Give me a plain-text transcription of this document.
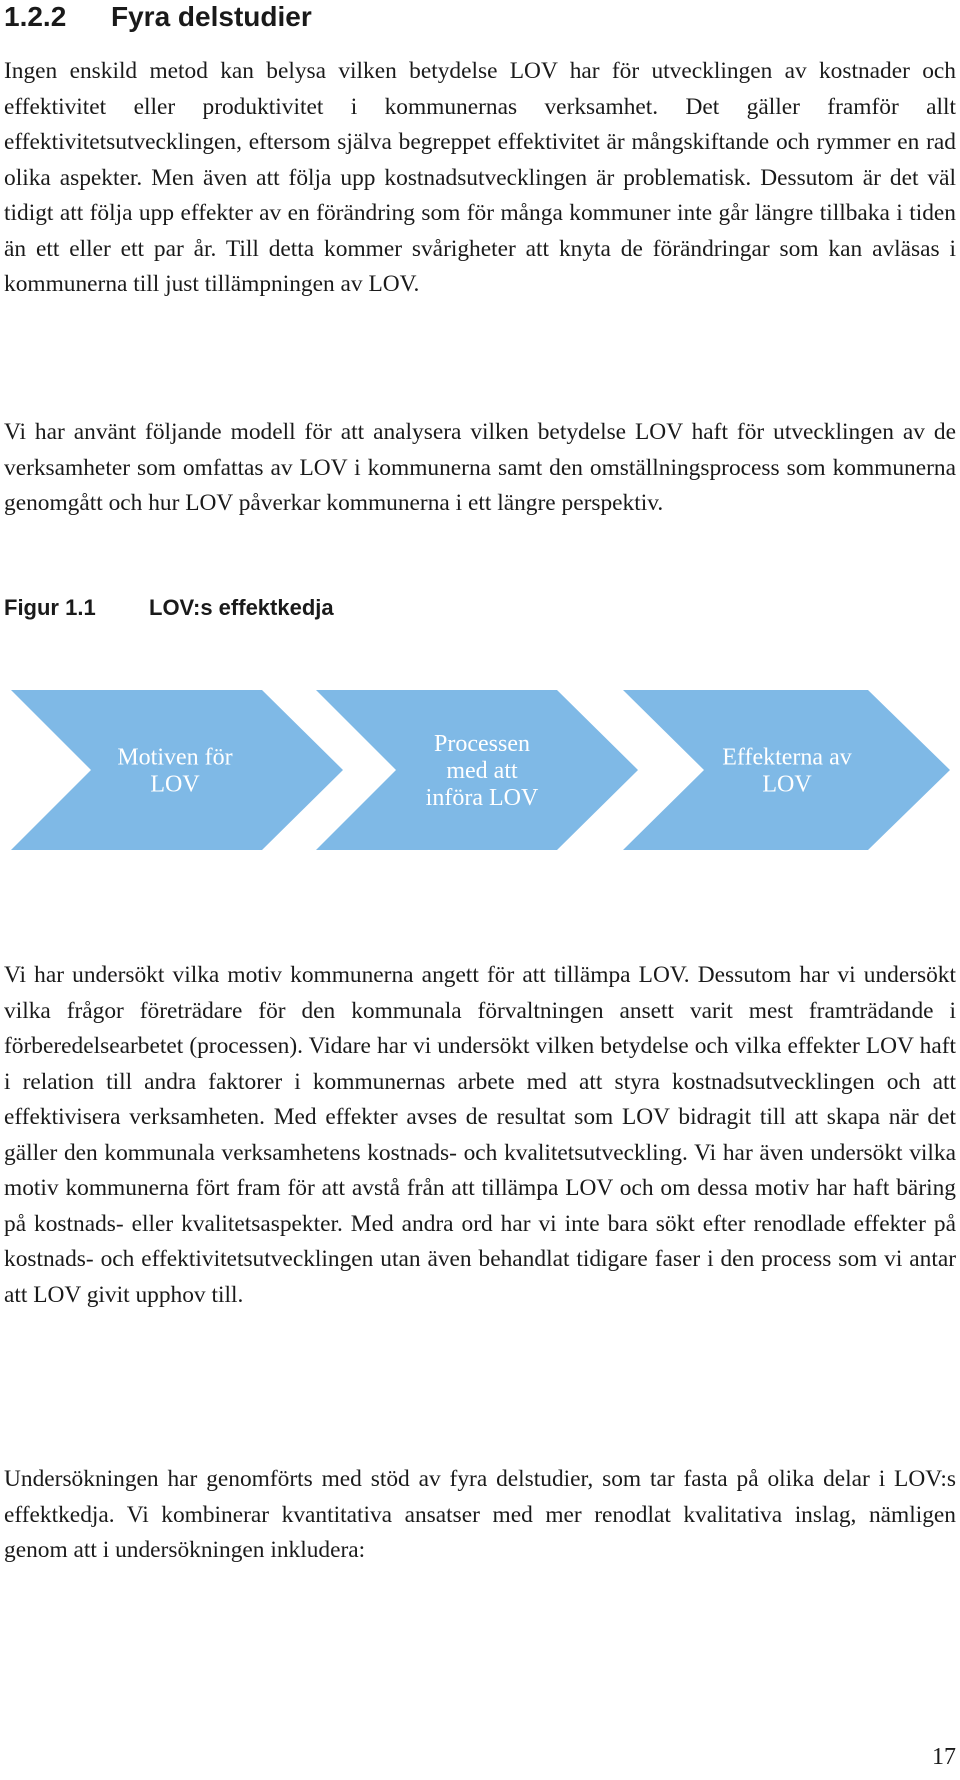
1.2.2 Fyra delstudier

Ingen enskild metod kan belysa vilken betydelse LOV har för utvecklingen av kostnader och effektivitet eller produktivitet i kommunernas verksamhet. Det gäller framför allt effektivitetsutvecklingen, eftersom själva begreppet effektivitet är mångskiftande och rymmer en rad olika aspekter. Men även att följa upp kostnadsutvecklingen är problematisk. Dessutom är det väl tidigt att följa upp effekter av en förändring som för många kommuner inte går längre tillbaka i tiden än ett eller ett par år. Till detta kommer svårigheter att knyta de förändringar som kan avläsas i kommunerna till just tillämpningen av LOV.

Vi har använt följande modell för att analysera vilken betydelse LOV haft för utvecklingen av de verksamheter som omfattas av LOV i kommunerna samt den omställningsprocess som kommunerna genomgått och hur LOV påverkar kommunerna i ett längre perspektiv.

Figur 1.1 LOV:s effektkedja
Motiven för LOV
Processen med att införa LOV
Effekterna av LOV

Vi har undersökt vilka motiv kommunerna angett för att tillämpa LOV. Dessutom har vi undersökt vilka frågor företrädare för den kommunala förvaltningen ansett varit mest framträdande i förberedelsearbetet (processen). Vidare har vi undersökt vilken betydelse och vilka effekter LOV haft i relation till andra faktorer i kommunernas arbete med att styra kostnadsutvecklingen och att effektivisera verksamheten. Med effekter avses de resultat som LOV bidragit till att skapa när det gäller den kommunala verksamhetens kostnads- och kvalitetsutveckling. Vi har även undersökt vilka motiv kommunerna fört fram för att avstå från att tillämpa LOV och om dessa motiv har haft bäring på kostnads- eller kvalitetsaspekter. Med andra ord har vi inte bara sökt efter renodlade effekter på kostnads- och effektivitetsutvecklingen utan även behandlat tidigare faser i den process som vi antar att LOV givit upphov till.

Undersökningen har genomförts med stöd av fyra delstudier, som tar fasta på olika delar i LOV:s effektkedja. Vi kombinerar kvantitativa ansatser med mer renodlat kvalitativa inslag, nämligen genom att i undersökningen inkludera:

17
